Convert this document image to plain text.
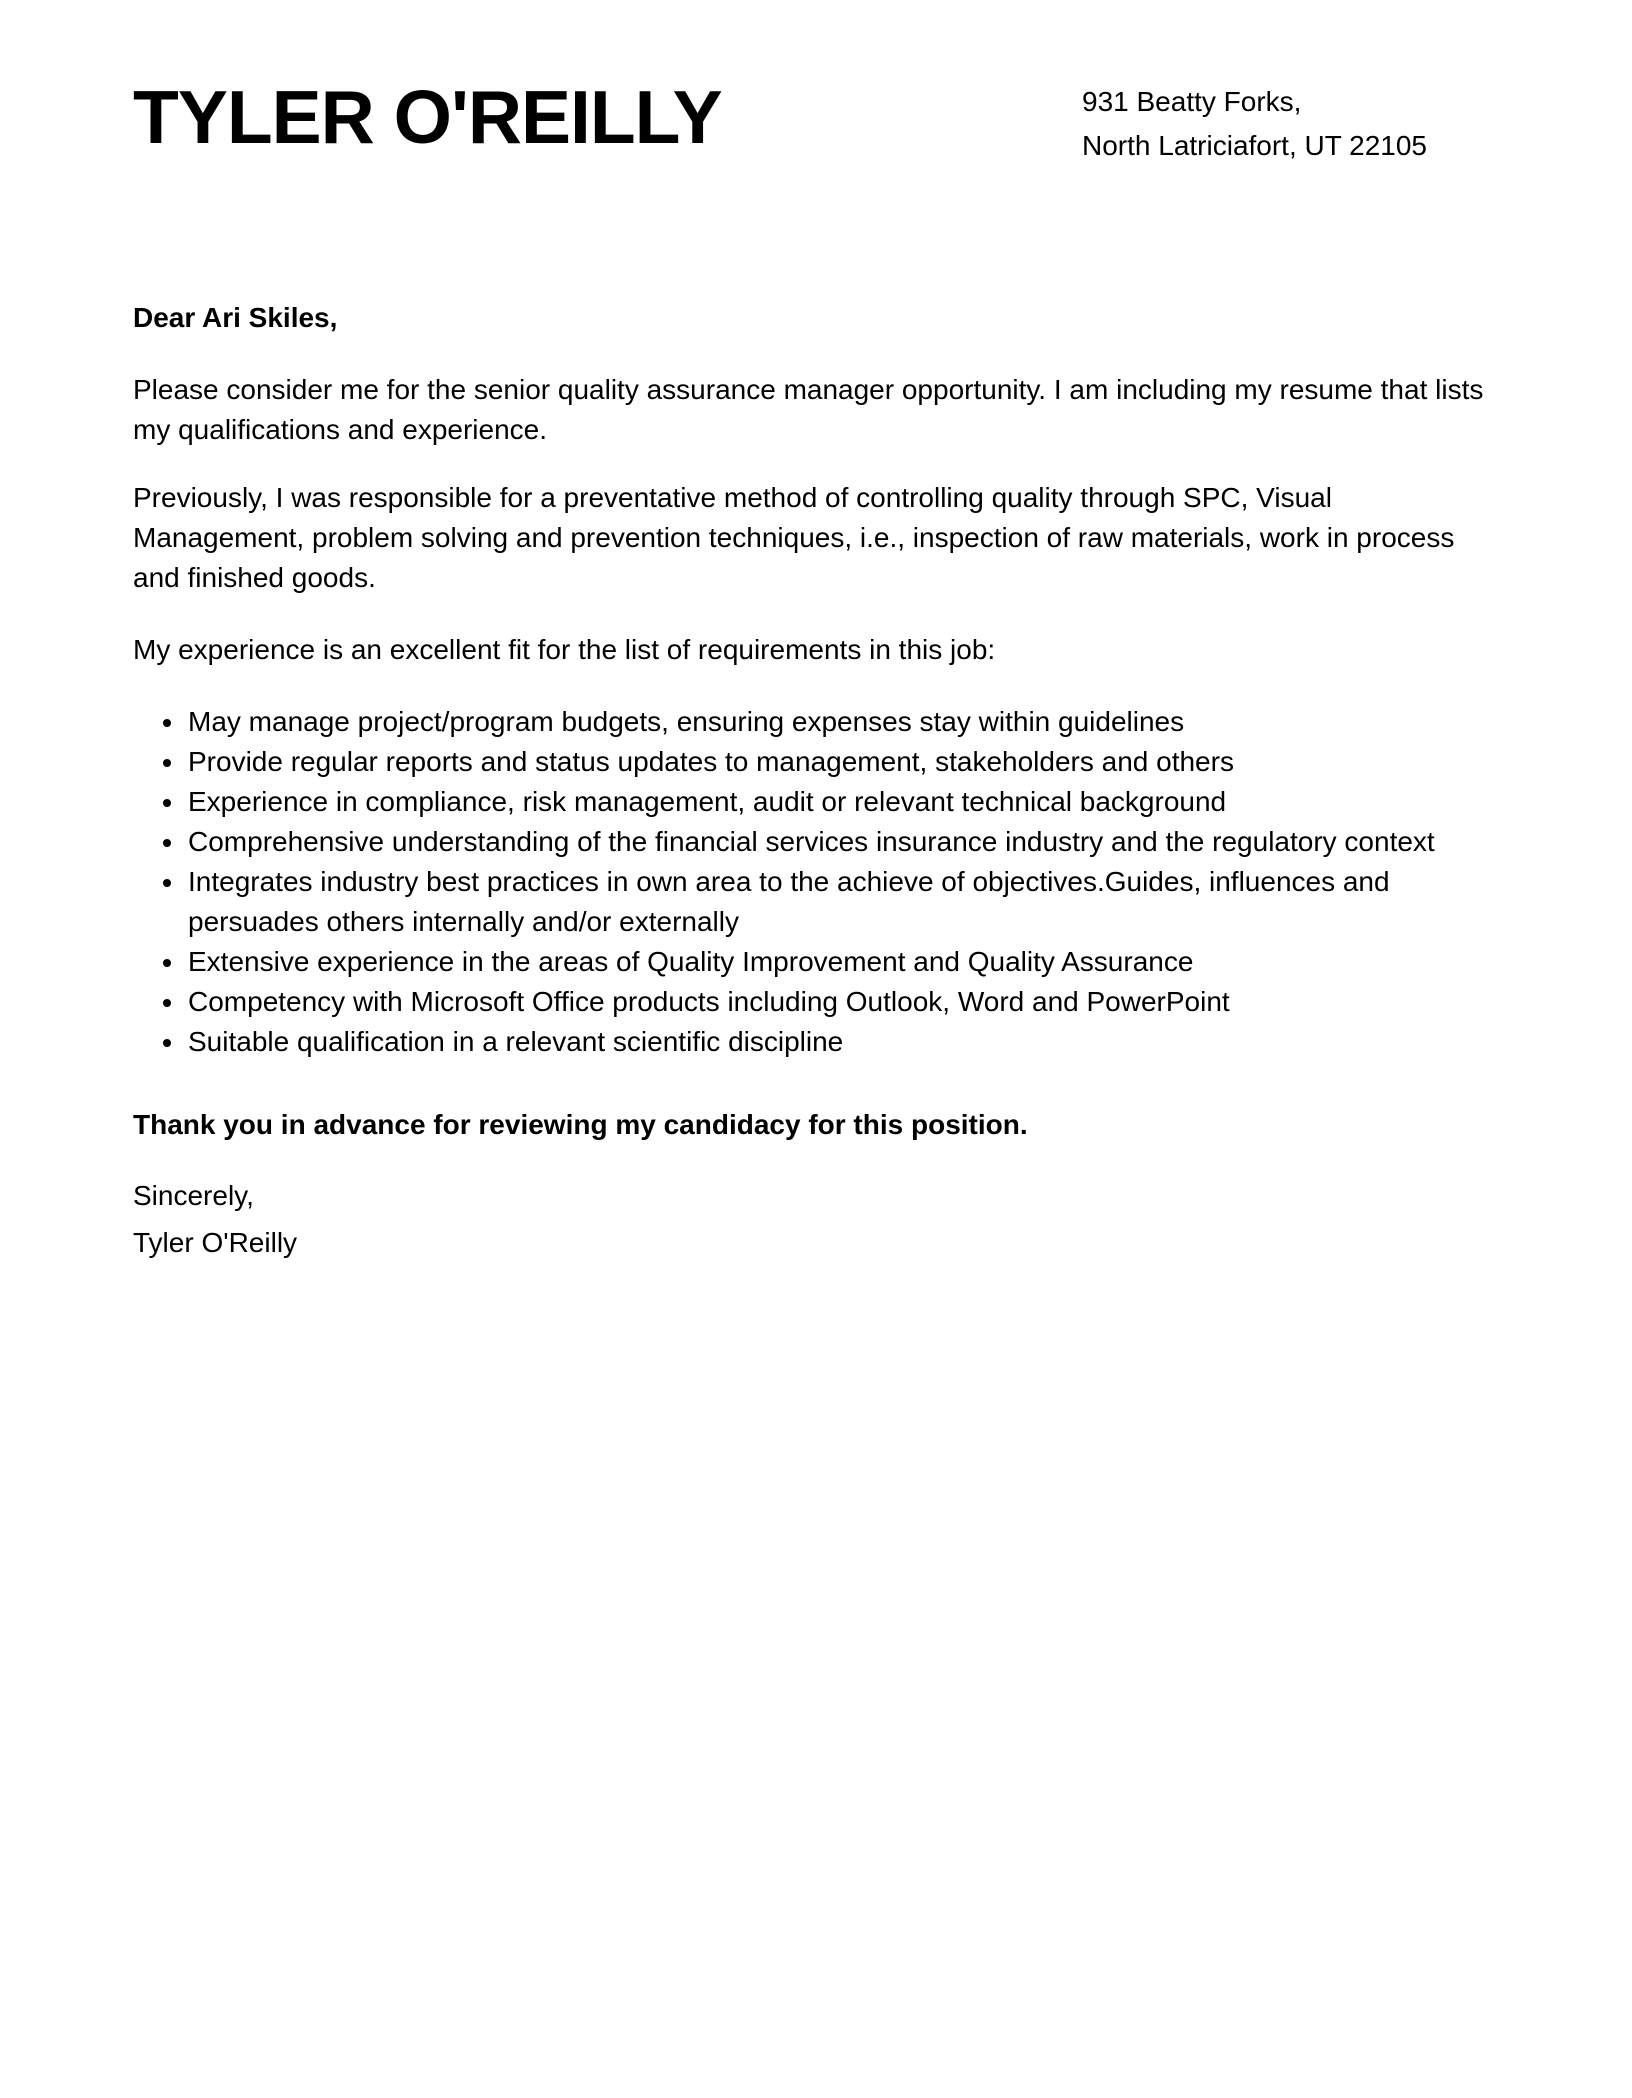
TYLER O'REILLY	931 Beatty Forks,
North Latriciafort, UT 22105

Dear Ari Skiles,

Please consider me for the senior quality assurance manager opportunity. I am including my resume that lists my qualifications and experience.

Previously, I was responsible for a preventative method of controlling quality through SPC, Visual Management, problem solving and prevention techniques, i.e., inspection of raw materials, work in process and finished goods.

My experience is an excellent fit for the list of requirements in this job:

• May manage project/program budgets, ensuring expenses stay within guidelines
• Provide regular reports and status updates to management, stakeholders and others
• Experience in compliance, risk management, audit or relevant technical background
• Comprehensive understanding of the financial services insurance industry and the regulatory context
• Integrates industry best practices in own area to the achieve of objectives.Guides, influences and persuades others internally and/or externally
• Extensive experience in the areas of Quality Improvement and Quality Assurance
• Competency with Microsoft Office products including Outlook, Word and PowerPoint
• Suitable qualification in a relevant scientific discipline

Thank you in advance for reviewing my candidacy for this position.

Sincerely,
Tyler O'Reilly
